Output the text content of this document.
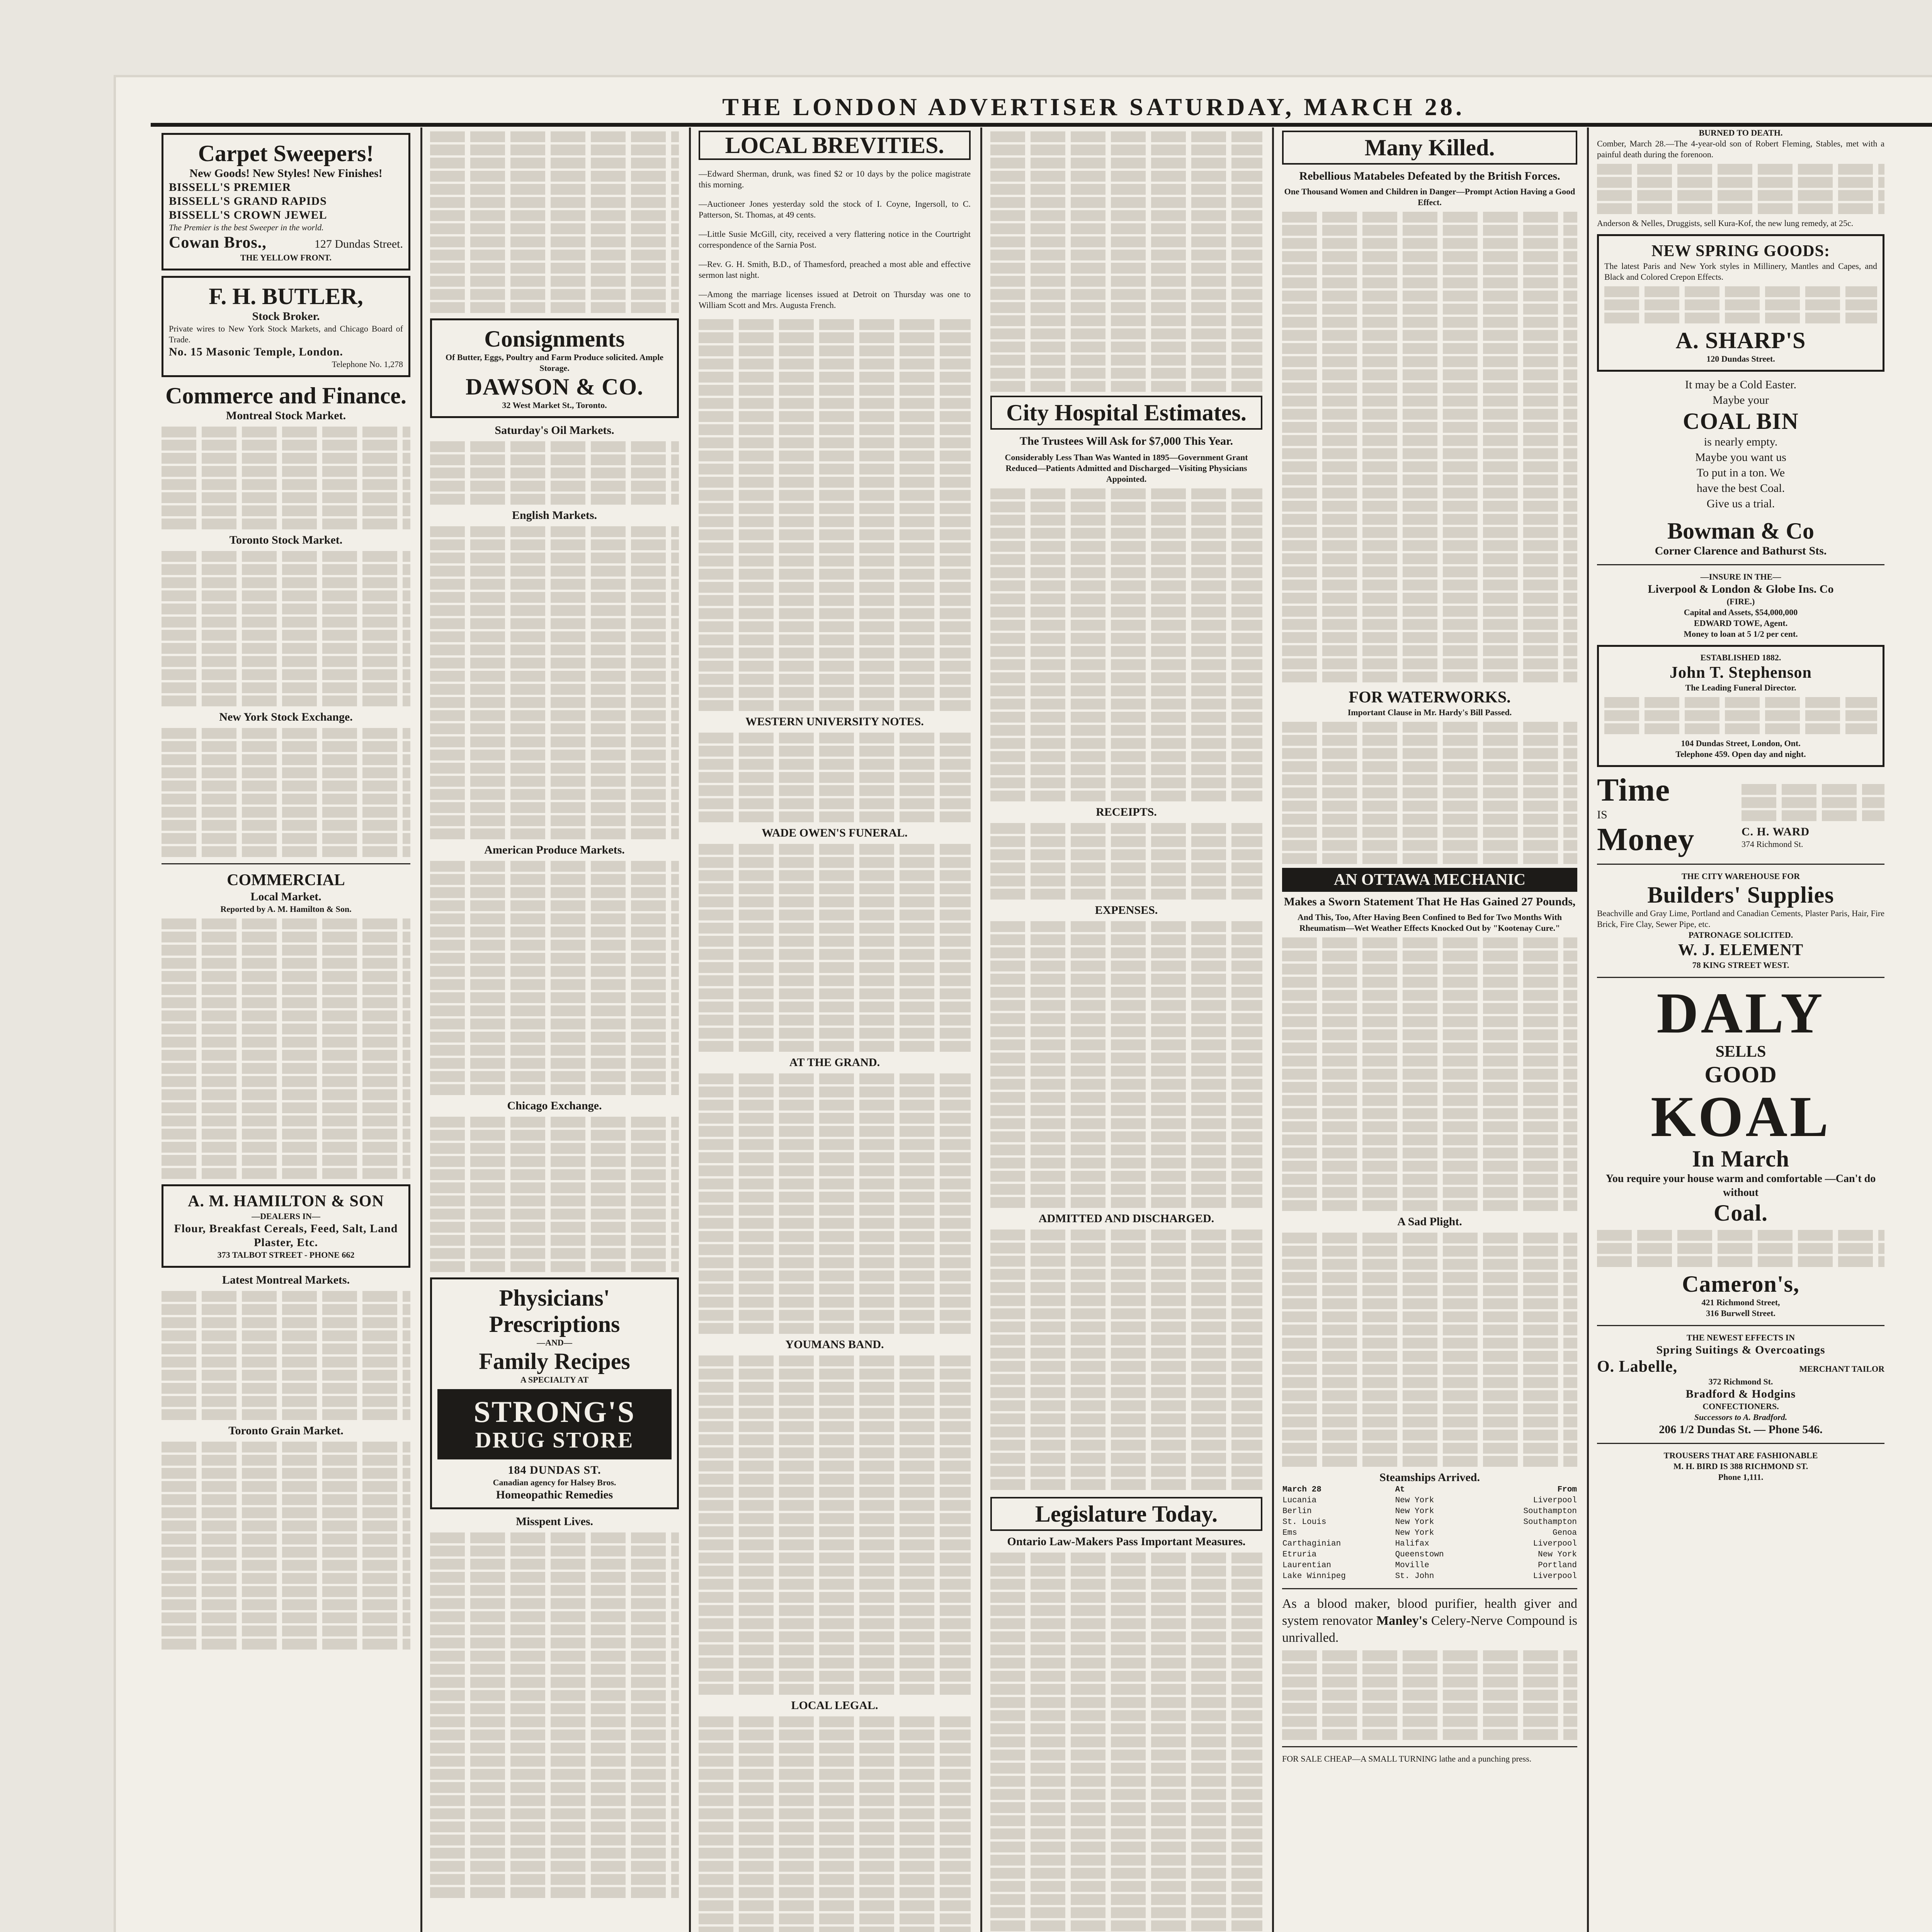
THE LONDON ADVERTISER SATURDAY, MARCH 28.
Carpet Sweepers!
New Goods! New Styles! New Finishes!
BISSELL'S PREMIER
BISSELL'S GRAND RAPIDS
BISSELL'S CROWN JEWEL
The Premier is the best Sweeper in the world.
Cowan Bros.,	127 Dundas Street.
THE YELLOW FRONT.
F. H. BUTLER,
Stock Broker.
Private wires to New York Stock Markets, and Chicago Board of Trade.
No. 15 Masonic Temple, London.
Telephone No. 1,278
Commerce and Finance.
Montreal Stock Market.
Toronto Stock Market.
New York Stock Exchange.
COMMERCIAL
Local Market.
Reported by A. M. Hamilton & Son.
A. M. HAMILTON & SON
—DEALERS IN—
Flour, Breakfast Cereals, Feed, Salt, Land Plaster, Etc.
373 TALBOT STREET - PHONE 662
Latest Montreal Markets.
Toronto Grain Market.
Consignments
Of Butter, Eggs, Poultry and Farm Produce solicited. Ample Storage.
DAWSON & CO.
32 West Market St., Toronto.
Saturday's Oil Markets.
English Markets.
American Produce Markets.
Chicago Exchange.
Physicians' Prescriptions
—AND—
Family Recipes
A SPECIALTY AT
STRONG'S
DRUG STORE
184 DUNDAS ST.
Canadian agency for Halsey Bros.
Homeopathic Remedies
Misspent Lives.
LOCAL BREVITIES.

—Edward Sherman, drunk, was fined $2 or 10 days by the police magistrate this morning.

—Auctioneer Jones yesterday sold the stock of I. Coyne, Ingersoll, to C. Patterson, St. Thomas, at 49 cents.

—Little Susie McGill, city, received a very flattering notice in the Courtright correspondence of the Sarnia Post.

—Rev. G. H. Smith, B.D., of Thamesford, preached a most able and effective sermon last night.

—Among the marriage licenses issued at Detroit on Thursday was one to William Scott and Mrs. Augusta French.

WESTERN UNIVERSITY NOTES.
WADE OWEN'S FUNERAL.
AT THE GRAND.
YOUMANS BAND.
LOCAL LEGAL.
City Hospital Estimates.
The Trustees Will Ask for $7,000 This Year.
Considerably Less Than Was Wanted in 1895—Government Grant Reduced—Patients Admitted and Discharged—Visiting Physicians Appointed.
RECEIPTS.
EXPENSES.
ADMITTED AND DISCHARGED.
Legislature Today.
Ontario Law-Makers Pass Important Measures.
Many Killed.
Rebellious Matabeles Defeated by the British Forces.
One Thousand Women and Children in Danger—Prompt Action Having a Good Effect.
FOR WATERWORKS.
Important Clause in Mr. Hardy's Bill Passed.
AN OTTAWA MECHANIC
Makes a Sworn Statement That He Has Gained 27 Pounds,
And This, Too, After Having Been Confined to Bed for Two Months With Rheumatism—Wet Weather Effects Knocked Out by "Kootenay Cure."
A Sad Plight.
Steamships Arrived.
March 28	At	From
Lucania	New York	Liverpool
Berlin	New York	Southampton
St. Louis	New York	Southampton
Ems	New York	Genoa
Carthaginian	Halifax	Liverpool
Etruria	Queenstown	New York
Laurentian	Moville	Portland
Lake Winnipeg	St. John	Liverpool
As a blood maker, blood purifier, health giver and system renovator Manley's Celery-Nerve Compound is unrivalled.
FOR SALE CHEAP—A SMALL TURNING lathe and a punching press.
BURNED TO DEATH.
Comber, March 28.—The 4-year-old son of Robert Fleming, Stables, met with a painful death during the forenoon.
Anderson & Nelles, Druggists, sell Kura-Kof, the new lung remedy, at 25c.
NEW SPRING GOODS:
The latest Paris and New York styles in Millinery, Mantles and Capes, and Black and Colored Crepon Effects.
A. SHARP'S
120 Dundas Street.
It may be a Cold Easter.
Maybe your
COAL BIN
is nearly empty.
Maybe you want us
To put in a ton. We
have the best Coal.
Give us a trial.
Bowman & Co
Corner Clarence and Bathurst Sts.
—INSURE IN THE—
Liverpool & London & Globe Ins. Co
(FIRE.)
Capital and Assets, $54,000,000
EDWARD TOWE, Agent.
Money to loan at 5 1/2 per cent.
ESTABLISHED 1882.
John T. Stephenson
The Leading Funeral Director.
104 Dundas Street, London, Ont.
Telephone 459. Open day and night.
Time
IS
Money	C. H. WARD
374 Richmond St.
THE CITY WAREHOUSE FOR
Builders' Supplies
Beachville and Gray Lime, Portland and Canadian Cements, Plaster Paris, Hair, Fire Brick, Fire Clay, Sewer Pipe, etc.
PATRONAGE SOLICITED.
W. J. ELEMENT
78 KING STREET WEST.
DALY
SELLS
GOOD
KOAL
In March
You require your house warm and comfortable —Can't do without
Coal.
Cameron's,
421 Richmond Street,
316 Burwell Street.
THE NEWEST EFFECTS IN
Spring Suitings & Overcoatings
O. Labelle,	MERCHANT TAILOR
372 Richmond St.
Bradford & Hodgins
CONFECTIONERS.
Successors to A. Bradford.
206 1/2 Dundas St. — Phone 546.
TROUSERS THAT ARE FASHIONABLE
M. H. BIRD IS 388 RICHMOND ST.
Phone 1,111.
